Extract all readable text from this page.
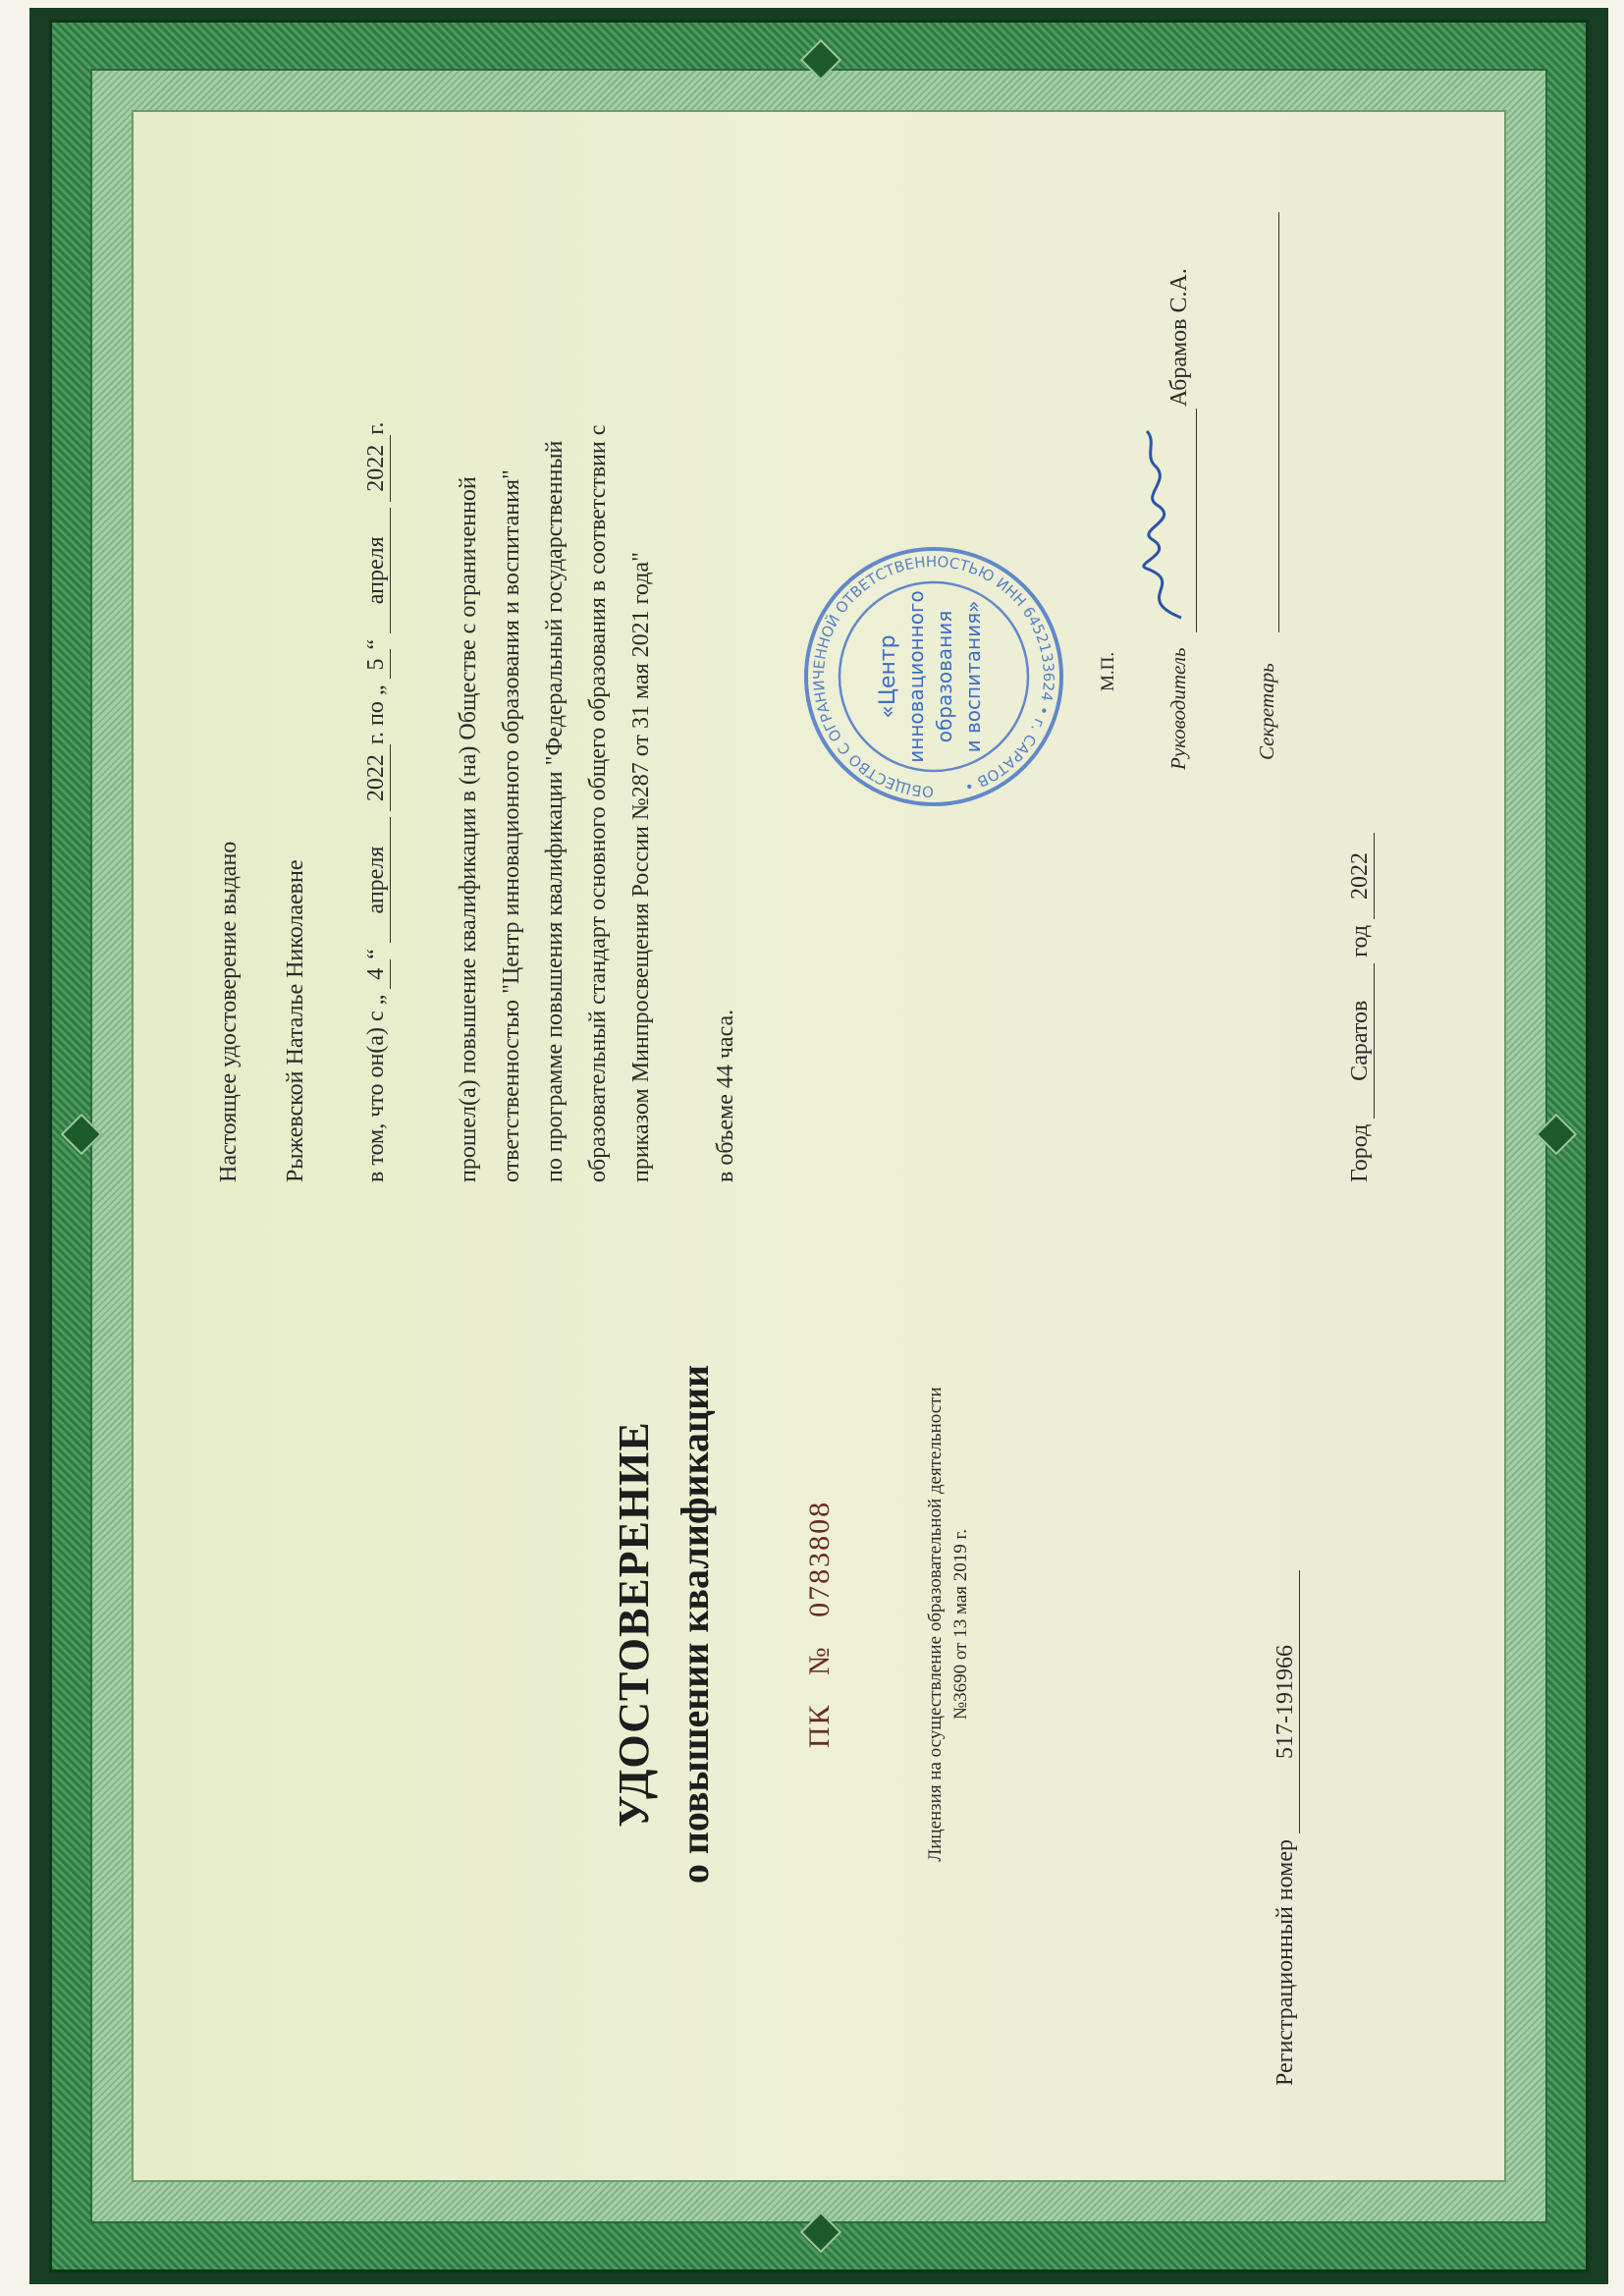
УДОСТОВЕРЕНИЕ о повышении квалификации	ПК   №   0783808	Лицензия на осуществление образовательной деятельности №3690 от 13 мая 2019 г.
Регистрационный номер 517-191966
Настоящее удостоверение выдано Рыжевской Наталье Николаевне в том, что он(а) с „ 4“ апреля 2022г. по „ 5“ апреля 2022г.
прошел(а) повышение квалификации в (на) Обществе с ограниченной ответственностью "Центр инновационного образования и воспитания" по программе повышения квалификации "Федеральный государственный образовательный стандарт основного общего образования в соответствии с приказом Минпросвещения России №287 от 31 мая 2021 года"	в объеме 44 часа.
ОБЩЕСТВО С ОГРАНИЧЕННОЙ ОТВЕТСТВЕННОСТЬЮ ИНН 6452133624 • г. САРАТОВ •
«Центр инновационного образования и воспитания»	Руководитель
Абрамов С.А.
Секретарь
М.П.
Город Саратов год 2022
